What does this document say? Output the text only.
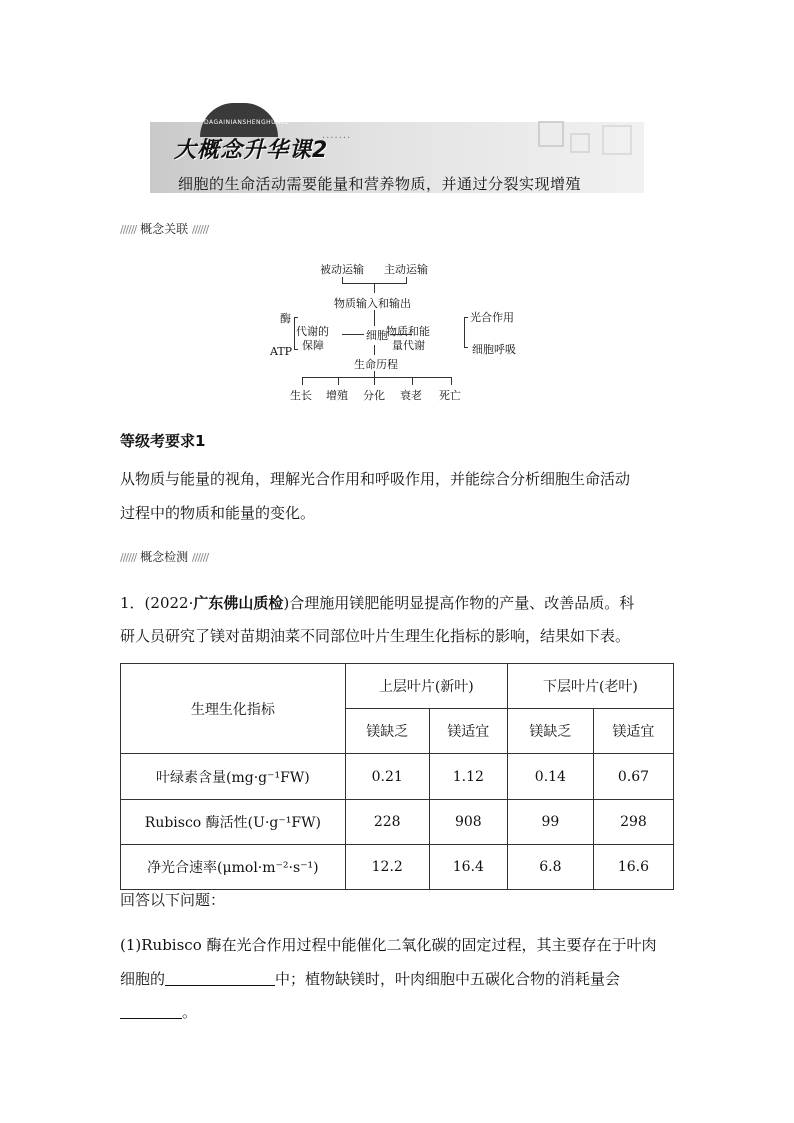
DAGAINIANSHENGHUAKE
大概念升华课2
·······
细胞的生命活动需要能量和营养物质，并通过分裂实现增殖
////// 概念关联 //////
被动运输 主动运输
物质输入和输出
酶
ATP
代谢的
保障
细胞
物质和能
量代谢
光合作用
细胞呼吸
生命历程
生长 增殖 分化 衰老 死亡
等级考要求1
从物质与能量的视角，理解光合作用和呼吸作用，并能综合分析细胞生命活动
过程中的物质和能量的变化。
////// 概念检测 //////
1．(2022·广东佛山质检)合理施用镁肥能明显提高作物的产量、改善品质。科
研人员研究了镁对苗期油菜不同部位叶片生理生化指标的影响，结果如下表。
生理生化指标	上层叶片(新叶)		下层叶片(老叶)	
	镁缺乏	镁适宜	镁缺乏	镁适宜
叶绿素含量(mg·g⁻¹FW)	0.21	1.12	0.14	0.67
Rubisco 酶活性(U·g⁻¹FW)	228	908	99	298
净光合速率(μmol·m⁻²·s⁻¹)	12.2	16.4	6.8	16.6
回答以下问题：
(1)Rubisco 酶在光合作用过程中能催化二氧化碳的固定过程，其主要存在于叶肉
细胞的	中；植物缺镁时，叶肉细胞中五碳化合物的消耗量会
。
